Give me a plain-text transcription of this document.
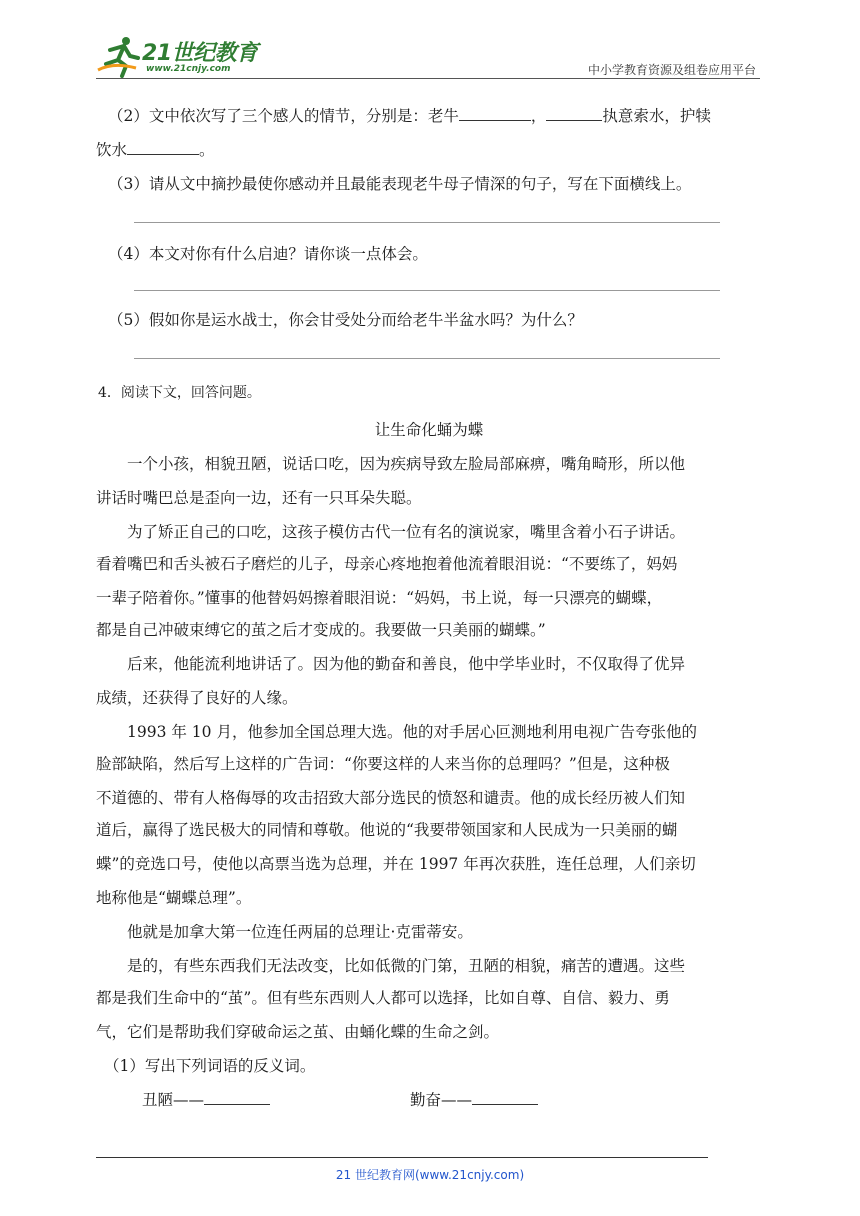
21世纪教育
www.21cnjy.com	中小学教育资源及组卷应用平台
（2）文中依次写了三个感人的情节，分别是：老牛	，	执意索水，护犊
饮水	。
（3）请从文中摘抄最使你感动并且最能表现老牛母子情深的句子，写在下面横线上。
（4）本文对你有什么启迪？请你谈一点体会。
（5）假如你是运水战士，你会甘受处分而给老牛半盆水吗？为什么？
4．阅读下文，回答问题。
让生命化蛹为蝶
一个小孩，相貌丑陋，说话口吃，因为疾病导致左脸局部麻痹，嘴角畸形，所以他
讲话时嘴巴总是歪向一边，还有一只耳朵失聪。
为了矫正自己的口吃，这孩子模仿古代一位有名的演说家，嘴里含着小石子讲话。
看着嘴巴和舌头被石子磨烂的儿子，母亲心疼地抱着他流着眼泪说：“不要练了，妈妈
一辈子陪着你。”懂事的他替妈妈擦着眼泪说：“妈妈，书上说，每一只漂亮的蝴蝶，
都是自己冲破束缚它的茧之后才变成的。我要做一只美丽的蝴蝶。”
后来，他能流利地讲话了。因为他的勤奋和善良，他中学毕业时，不仅取得了优异
成绩，还获得了良好的人缘。
1993 年 10 月，他参加全国总理大选。他的对手居心叵测地利用电视广告夸张他的
脸部缺陷，然后写上这样的广告词：“你要这样的人来当你的总理吗？”但是，这种极
不道德的、带有人格侮辱的攻击招致大部分选民的愤怒和谴责。他的成长经历被人们知
道后，赢得了选民极大的同情和尊敬。他说的“我要带领国家和人民成为一只美丽的蝴
蝶”的竞选口号，使他以高票当选为总理，并在 1997 年再次获胜，连任总理，人们亲切
地称他是“蝴蝶总理”。
他就是加拿大第一位连任两届的总理让·克雷蒂安。
是的，有些东西我们无法改变，比如低微的门第，丑陋的相貌，痛苦的遭遇。这些
都是我们生命中的“茧”。但有些东西则人人都可以选择，比如自尊、自信、毅力、勇
气，它们是帮助我们穿破命运之茧、由蛹化蝶的生命之剑。
（1）写出下列词语的反义词。
丑陋——	勤奋——
21 世纪教育网(www.21cnjy.com)
